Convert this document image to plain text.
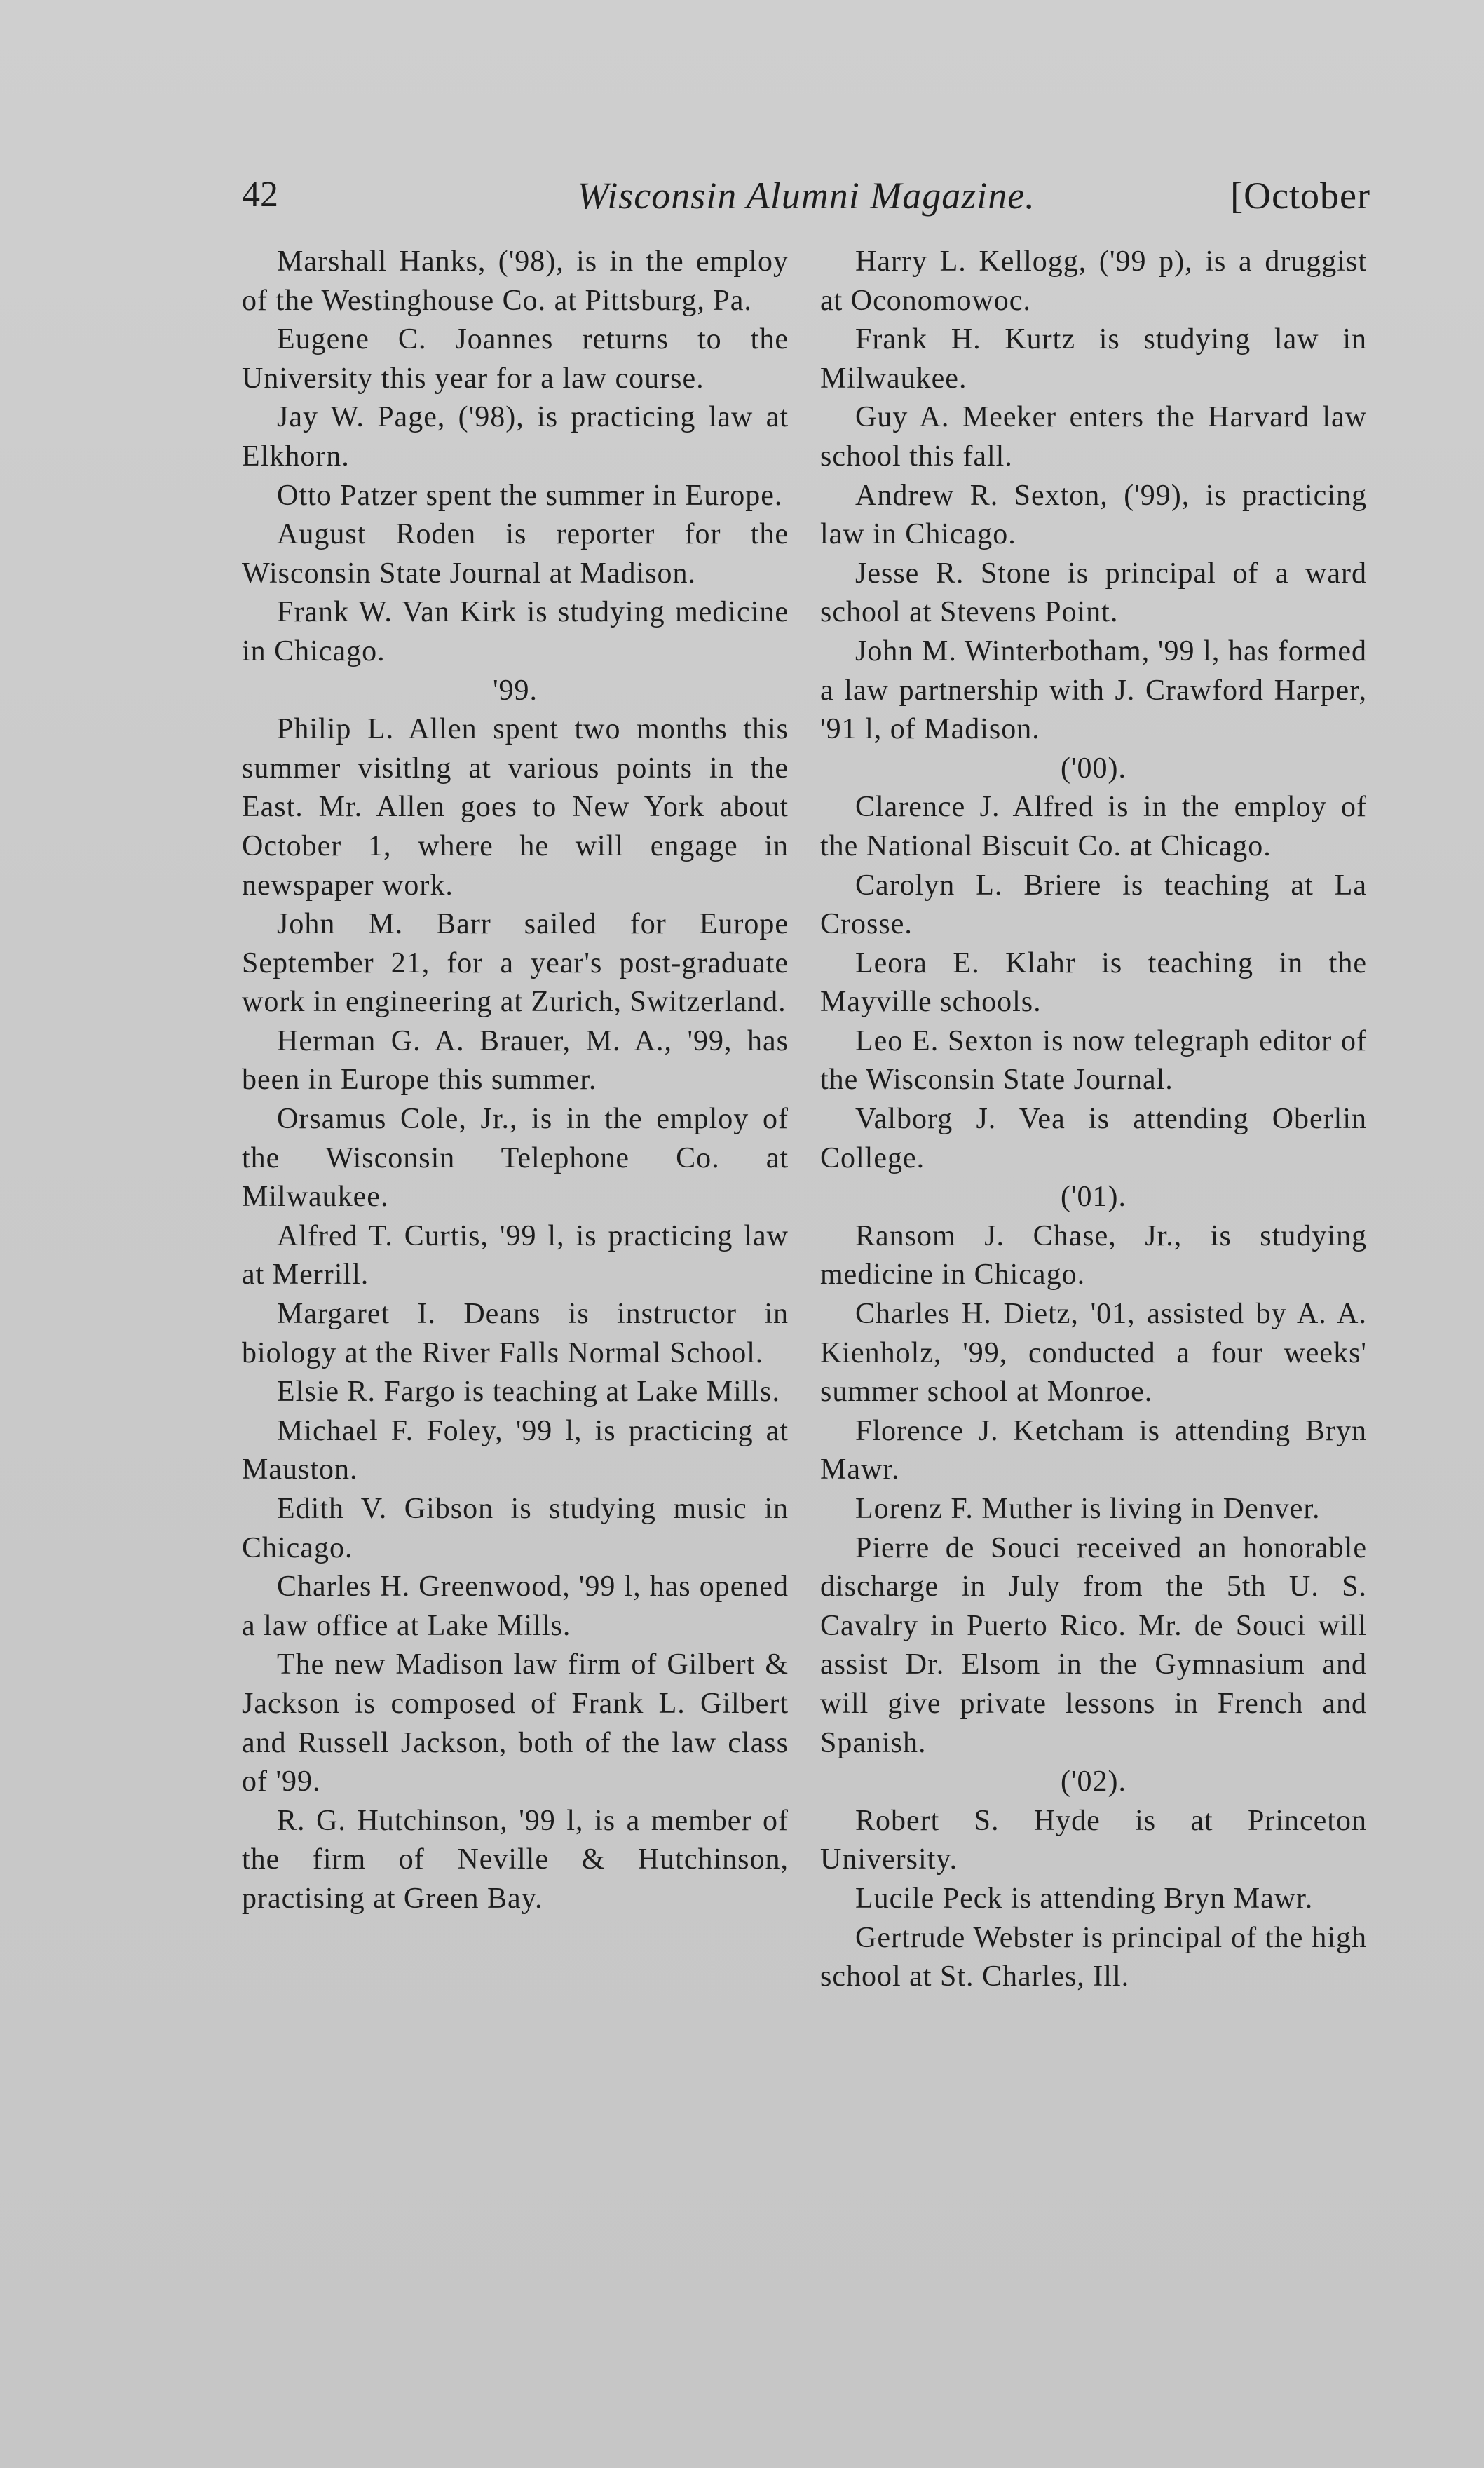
42	Wisconsin Alumni Magazine.	[October

Marshall Hanks, ('98), is in the employ of the Westinghouse Co. at Pittsburg, Pa.

Eugene C. Joannes returns to the University this year for a law course.

Jay W. Page, ('98), is practicing law at Elkhorn.

Otto Patzer spent the summer in Europe.

August Roden is reporter for the Wisconsin State Journal at Madison.

Frank W. Van Kirk is studying medicine in Chicago.

'99.

Philip L. Allen spent two months this summer visitlng at various points in the East. Mr. Allen goes to New York about October 1, where he will engage in newspaper work.

John M. Barr sailed for Europe September 21, for a year's post-graduate work in engineering at Zurich, Switzerland.

Herman G. A. Brauer, M. A., '99, has been in Europe this summer.

Orsamus Cole, Jr., is in the employ of the Wisconsin Telephone Co. at Milwaukee.

Alfred T. Curtis, '99 l, is practicing law at Merrill.

Margaret I. Deans is instructor in biology at the River Falls Normal School.

Elsie R. Fargo is teaching at Lake Mills.

Michael F. Foley, '99 l, is practicing at Mauston.

Edith V. Gibson is studying music in Chicago.

Charles H. Greenwood, '99 l, has opened a law office at Lake Mills.

The new Madison law firm of Gilbert & Jackson is composed of Frank L. Gilbert and Russell Jackson, both of the law class of '99.

R. G. Hutchinson, '99 l, is a member of the firm of Neville & Hutchinson, practising at Green Bay.

Harry L. Kellogg, ('99 p), is a druggist at Oconomowoc.

Frank H. Kurtz is studying law in Milwaukee.

Guy A. Meeker enters the Harvard law school this fall.

Andrew R. Sexton, ('99), is practicing law in Chicago.

Jesse R. Stone is principal of a ward school at Stevens Point.

John M. Winterbotham, '99 l, has formed a law partnership with J. Crawford Harper, '91 l, of Madison.

('00).

Clarence J. Alfred is in the employ of the National Biscuit Co. at Chicago.

Carolyn L. Briere is teaching at La Crosse.

Leora E. Klahr is teaching in the Mayville schools.

Leo E. Sexton is now telegraph editor of the Wisconsin State Journal.

Valborg J. Vea is attending Oberlin College.

('01).

Ransom J. Chase, Jr., is studying medicine in Chicago.

Charles H. Dietz, '01, assisted by A. A. Kienholz, '99, conducted a four weeks' summer school at Monroe.

Florence J. Ketcham is attending Bryn Mawr.

Lorenz F. Muther is living in Denver.

Pierre de Souci received an honorable discharge in July from the 5th U. S. Cavalry in Puerto Rico. Mr. de Souci will assist Dr. Elsom in the Gymnasium and will give private lessons in French and Spanish.

('02).

Robert S. Hyde is at Princeton University.

Lucile Peck is attending Bryn Mawr.

Gertrude Webster is principal of the high school at St. Charles, Ill.
